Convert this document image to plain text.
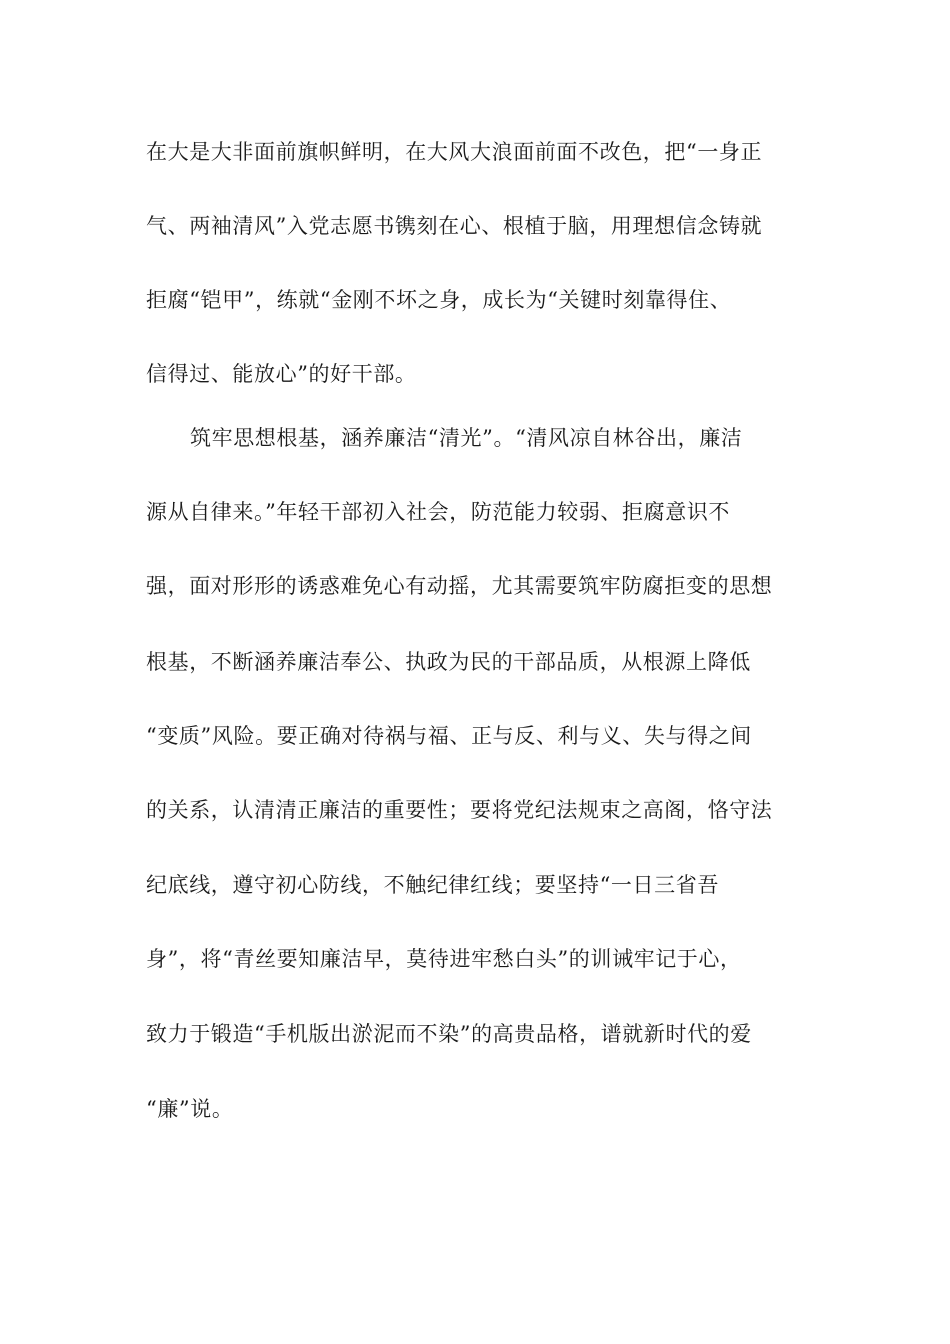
在大是大非面前旗帜鲜明，在大风大浪面前面不改色，把“一身正
气、两袖清风”入党志愿书镌刻在心、根植于脑，用理想信念铸就
拒腐“铠甲”，练就“金刚不坏之身，成长为“关键时刻靠得住、
信得过、能放心”的好干部。
筑牢思想根基，涵养廉洁“清光”。“清风凉自林谷出，廉洁
源从自律来。”年轻干部初入社会，防范能力较弱、拒腐意识不
强，面对形形的诱惑难免心有动摇，尤其需要筑牢防腐拒变的思想
根基，不断涵养廉洁奉公、执政为民的干部品质，从根源上降低
“变质”风险。要正确对待祸与福、正与反、利与义、失与得之间
的关系，认清清正廉洁的重要性；要将党纪法规束之高阁，恪守法
纪底线，遵守初心防线，不触纪律红线；要坚持“一日三省吾
身”，将“青丝要知廉洁早，莫待进牢愁白头”的训诫牢记于心，
致力于锻造“手机版出淤泥而不染”的高贵品格，谱就新时代的爱
“廉”说。
